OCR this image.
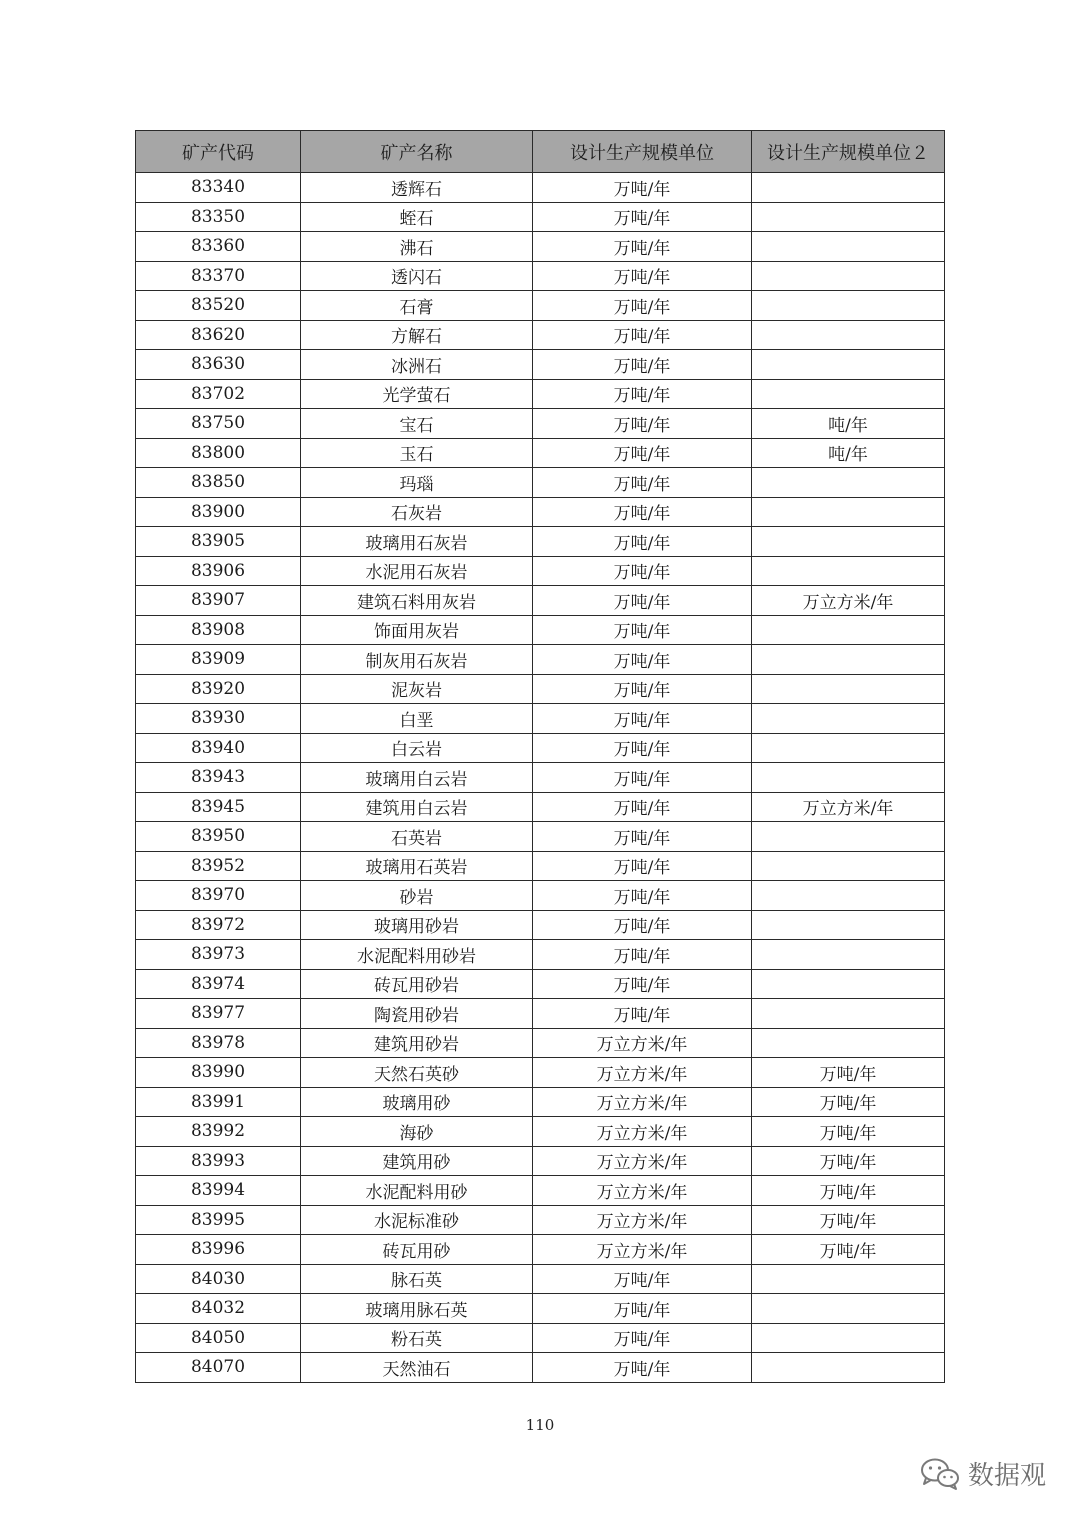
矿产代码	矿产名称	设计生产规模单位	设计生产规模单位２
83340	透辉石	万吨/年	
83350	蛭石	万吨/年	
83360	沸石	万吨/年	
83370	透闪石	万吨/年	
83520	石膏	万吨/年	
83620	方解石	万吨/年	
83630	冰洲石	万吨/年	
83702	光学萤石	万吨/年	
83750	宝石	万吨/年	吨/年
83800	玉石	万吨/年	吨/年
83850	玛瑙	万吨/年	
83900	石灰岩	万吨/年	
83905	玻璃用石灰岩	万吨/年	
83906	水泥用石灰岩	万吨/年	
83907	建筑石料用灰岩	万吨/年	万立方米/年
83908	饰面用灰岩	万吨/年	
83909	制灰用石灰岩	万吨/年	
83920	泥灰岩	万吨/年	
83930	白垩	万吨/年	
83940	白云岩	万吨/年	
83943	玻璃用白云岩	万吨/年	
83945	建筑用白云岩	万吨/年	万立方米/年
83950	石英岩	万吨/年	
83952	玻璃用石英岩	万吨/年	
83970	砂岩	万吨/年	
83972	玻璃用砂岩	万吨/年	
83973	水泥配料用砂岩	万吨/年	
83974	砖瓦用砂岩	万吨/年	
83977	陶瓷用砂岩	万吨/年	
83978	建筑用砂岩	万立方米/年	
83990	天然石英砂	万立方米/年	万吨/年
83991	玻璃用砂	万立方米/年	万吨/年
83992	海砂	万立方米/年	万吨/年
83993	建筑用砂	万立方米/年	万吨/年
83994	水泥配料用砂	万立方米/年	万吨/年
83995	水泥标准砂	万立方米/年	万吨/年
83996	砖瓦用砂	万立方米/年	万吨/年
84030	脉石英	万吨/年	
84032	玻璃用脉石英	万吨/年	
84050	粉石英	万吨/年	
84070	天然油石	万吨/年	
110
数据观
